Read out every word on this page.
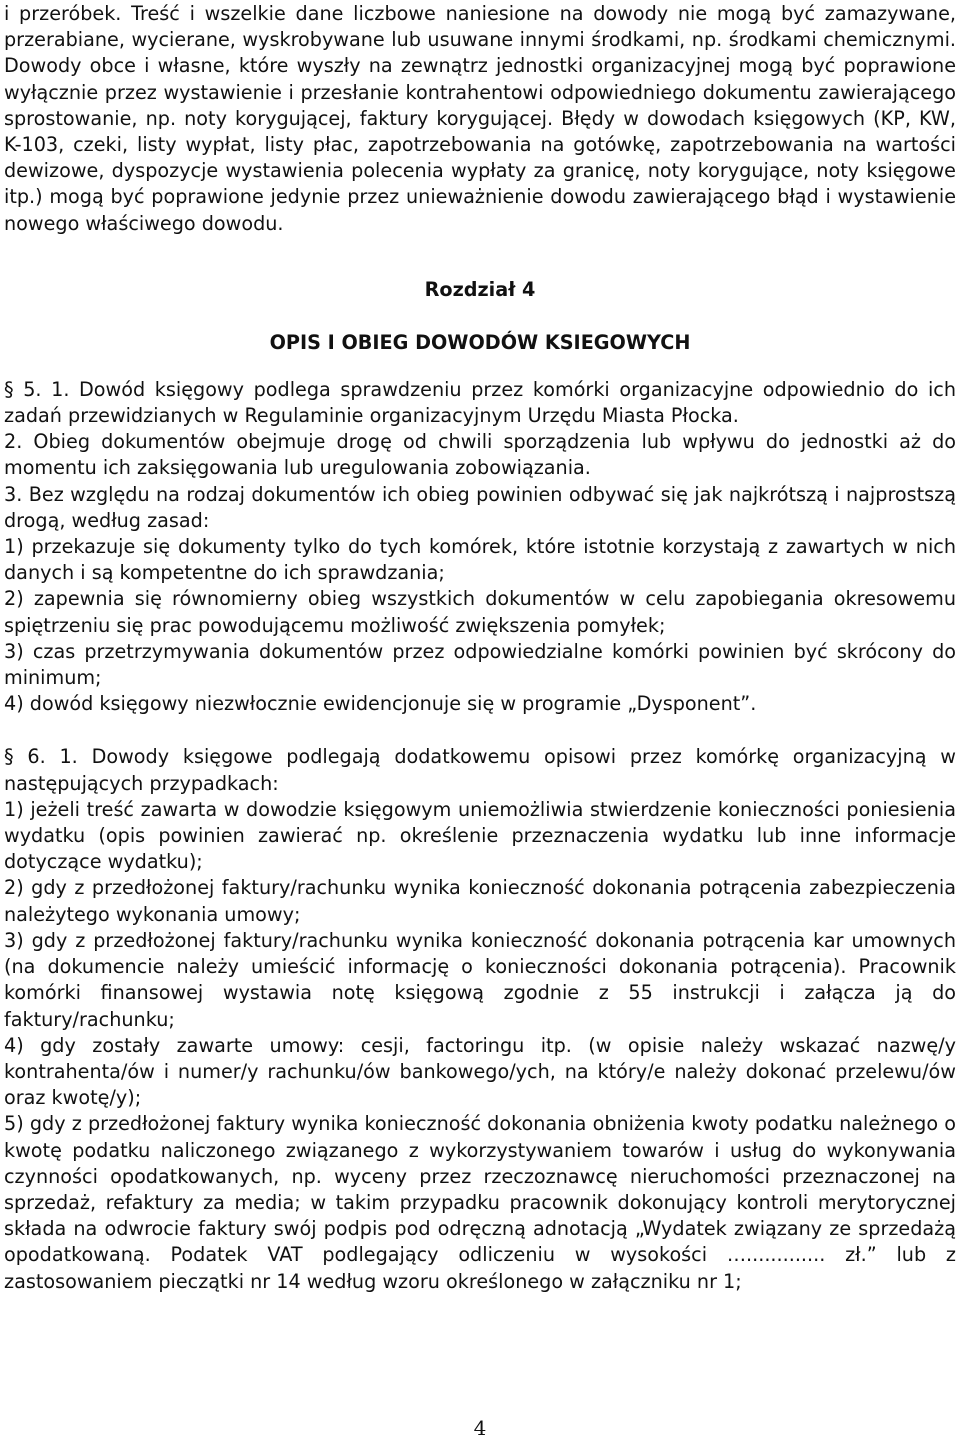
i przeróbek. Treść i wszelkie dane liczbowe naniesione na dowody nie mogą być zamazywane, przerabiane, wycierane, wyskrobywane lub usuwane innymi środkami, np. środkami chemicznymi. Dowody obce i własne, które wyszły na zewnątrz jednostki organizacyjnej mogą być poprawione wyłącznie przez wystawienie i przesłanie kontrahentowi odpowiedniego dokumentu zawierającego sprostowanie, np. noty korygującej, faktury korygującej. Błędy w dowodach księgowych (KP, KW, K-103, czeki, listy wypłat, listy płac, zapotrzebowania na gotówkę, zapotrzebowania na wartości dewizowe, dyspozycje wystawienia polecenia wypłaty za granicę, noty korygujące, noty księgowe itp.) mogą być poprawione jedynie przez unieważnienie dowodu zawierającego błąd i wystawienie nowego właściwego dowodu.

Rozdział 4

OPIS I OBIEG DOWODÓW KSIEGOWYCH

§ 5. 1. Dowód księgowy podlega sprawdzeniu przez komórki organizacyjne odpowiednio do ich zadań przewidzianych w Regulaminie organizacyjnym Urzędu Miasta Płocka.

2. Obieg dokumentów obejmuje drogę od chwili sporządzenia lub wpływu do jednostki aż do momentu ich zaksięgowania lub uregulowania zobowiązania.

3. Bez względu na rodzaj dokumentów ich obieg powinien odbywać się jak najkrótszą i najprostszą drogą, według zasad:

1) przekazuje się dokumenty tylko do tych komórek, które istotnie korzystają z zawartych w nich danych i są kompetentne do ich sprawdzania;

2) zapewnia się równomierny obieg wszystkich dokumentów w celu zapobiegania okresowemu spiętrzeniu się prac powodującemu możliwość zwiększenia pomyłek;

3) czas przetrzymywania dokumentów przez odpowiedzialne komórki powinien być skrócony do minimum;

4) dowód księgowy niezwłocznie ewidencjonuje się w programie „Dysponent”.

§ 6. 1. Dowody księgowe podlegają dodatkowemu opisowi przez komórkę organizacyjną w następujących przypadkach:

1) jeżeli treść zawarta w dowodzie księgowym uniemożliwia stwierdzenie konieczności poniesienia wydatku (opis powinien zawierać np. określenie przeznaczenia wydatku lub inne informacje dotyczące wydatku);

2) gdy z przedłożonej faktury/rachunku wynika konieczność dokonania potrącenia zabezpieczenia należytego wykonania umowy;

3) gdy z przedłożonej faktury/rachunku wynika konieczność dokonania potrącenia kar umownych (na dokumencie należy umieścić informację o konieczności dokonania potrącenia). Pracownik komórki finansowej wystawia notę księgową zgodnie z 55 instrukcji i załącza ją do faktury/rachunku;

4) gdy zostały zawarte umowy: cesji, factoringu itp. (w opisie należy wskazać nazwę/y kontrahenta/ów i numer/y rachunku/ów bankowego/ych, na który/e należy dokonać przelewu/ów oraz kwotę/y);

5) gdy z przedłożonej faktury wynika konieczność dokonania obniżenia kwoty podatku należnego o kwotę podatku naliczonego związanego z wykorzystywaniem towarów i usług do wykonywania czynności opodatkowanych, np. wyceny przez rzeczoznawcę nieruchomości przeznaczonej na sprzedaż, refaktury za media; w takim przypadku pracownik dokonujący kontroli merytorycznej składa na odwrocie faktury swój podpis pod odręczną adnotacją „Wydatek związany ze sprzedażą opodatkowaną. Podatek VAT podlegający odliczeniu w wysokości …............. zł.” lub z zastosowaniem pieczątki nr 14 według wzoru określonego w załączniku nr 1;

4
